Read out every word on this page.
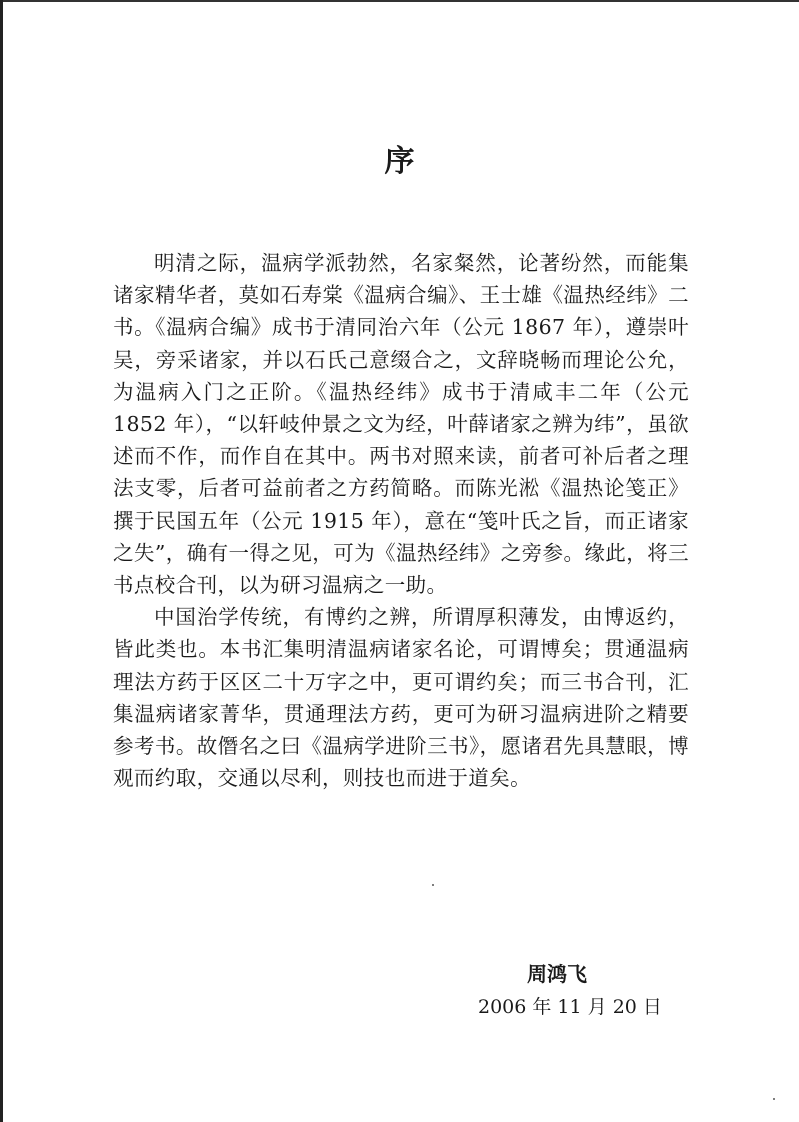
序

明清之际，温病学派勃然，名家粲然，论著纷然，而能集诸家精华者，莫如石寿棠《温病合编》、王士雄《温热经纬》二书。《温病合编》成书于清同治六年（公元 1867 年），遵崇叶吴，旁采诸家，并以石氏己意缀合之，文辞晓畅而理论公允，为温病入门之正阶。《温热经纬》成书于清咸丰二年（公元 1852 年），“以轩岐仲景之文为经，叶薛诸家之辨为纬”，虽欲述而不作，而作自在其中。两书对照来读，前者可补后者之理法支零，后者可益前者之方药简略。而陈光淞《温热论笺正》撰于民国五年（公元 1915 年），意在“笺叶氏之旨，而正诸家之失”，确有一得之见，可为《温热经纬》之旁参。缘此，将三书点校合刊，以为研习温病之一助。

中国治学传统，有博约之辨，所谓厚积薄发，由博返约，皆此类也。本书汇集明清温病诸家名论，可谓博矣；贯通温病理法方药于区区二十万字之中，更可谓约矣；而三书合刊，汇集温病诸家菁华，贯通理法方药，更可为研习温病进阶之精要参考书。故僭名之曰《温病学进阶三书》，愿诸君先具慧眼，博观而约取，交通以尽利，则技也而进于道矣。

周鸿飞
2006 年 11 月 20 日
